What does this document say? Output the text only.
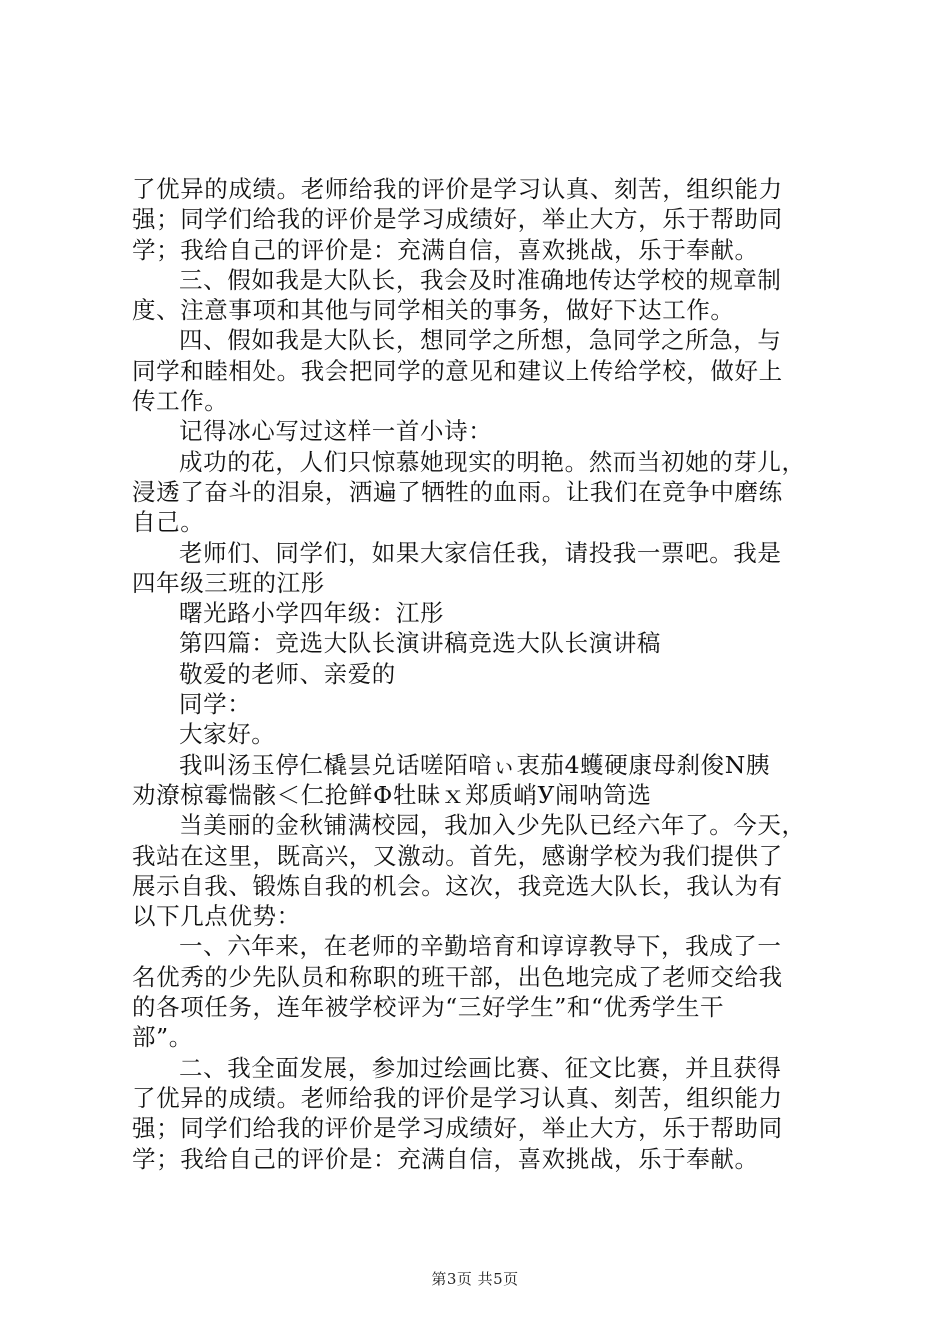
了优异的成绩。老师给我的评价是学习认真、刻苦，组织能力
强；同学们给我的评价是学习成绩好，举止大方，乐于帮助同
学；我给自己的评价是：充满自信，喜欢挑战，乐于奉献。
三、假如我是大队长，我会及时准确地传达学校的规章制
度、注意事项和其他与同学相关的事务，做好下达工作。
四、假如我是大队长，想同学之所想，急同学之所急，与
同学和睦相处。我会把同学的意见和建议上传给学校，做好上
传工作。
记得冰心写过这样一首小诗：
成功的花，人们只惊慕她现实的明艳。然而当初她的芽儿，
浸透了奋斗的泪泉，洒遍了牺牲的血雨。让我们在竞争中磨练
自己。
老师们、同学们，如果大家信任我，请投我一票吧。我是
四年级三班的江彤
曙光路小学四年级：江彤
第四篇：竞选大队长演讲稿竞选大队长演讲稿
敬爱的老师、亲爱的
同学：
大家好。
我叫汤玉停仁橇昙兑话嗟陌喑ぃ衷茄4蠖硬康母刹俊N胰
劝潦椋霉惴骸＜仁抢鲜Φ牡昧ｘ郑质峭У闹呐笥选
当美丽的金秋铺满校园，我加入少先队已经六年了。今天，
我站在这里，既高兴，又激动。首先，感谢学校为我们提供了
展示自我、锻炼自我的机会。这次，我竞选大队长，我认为有
以下几点优势：
一、六年来，在老师的辛勤培育和谆谆教导下，我成了一
名优秀的少先队员和称职的班干部，出色地完成了老师交给我
的各项任务，连年被学校评为“三好学生”和“优秀学生干
部”。
二、我全面发展，参加过绘画比赛、征文比赛，并且获得
了优异的成绩。老师给我的评价是学习认真、刻苦，组织能力
强；同学们给我的评价是学习成绩好，举止大方，乐于帮助同
学；我给自己的评价是：充满自信，喜欢挑战，乐于奉献。
第3页 共5页
